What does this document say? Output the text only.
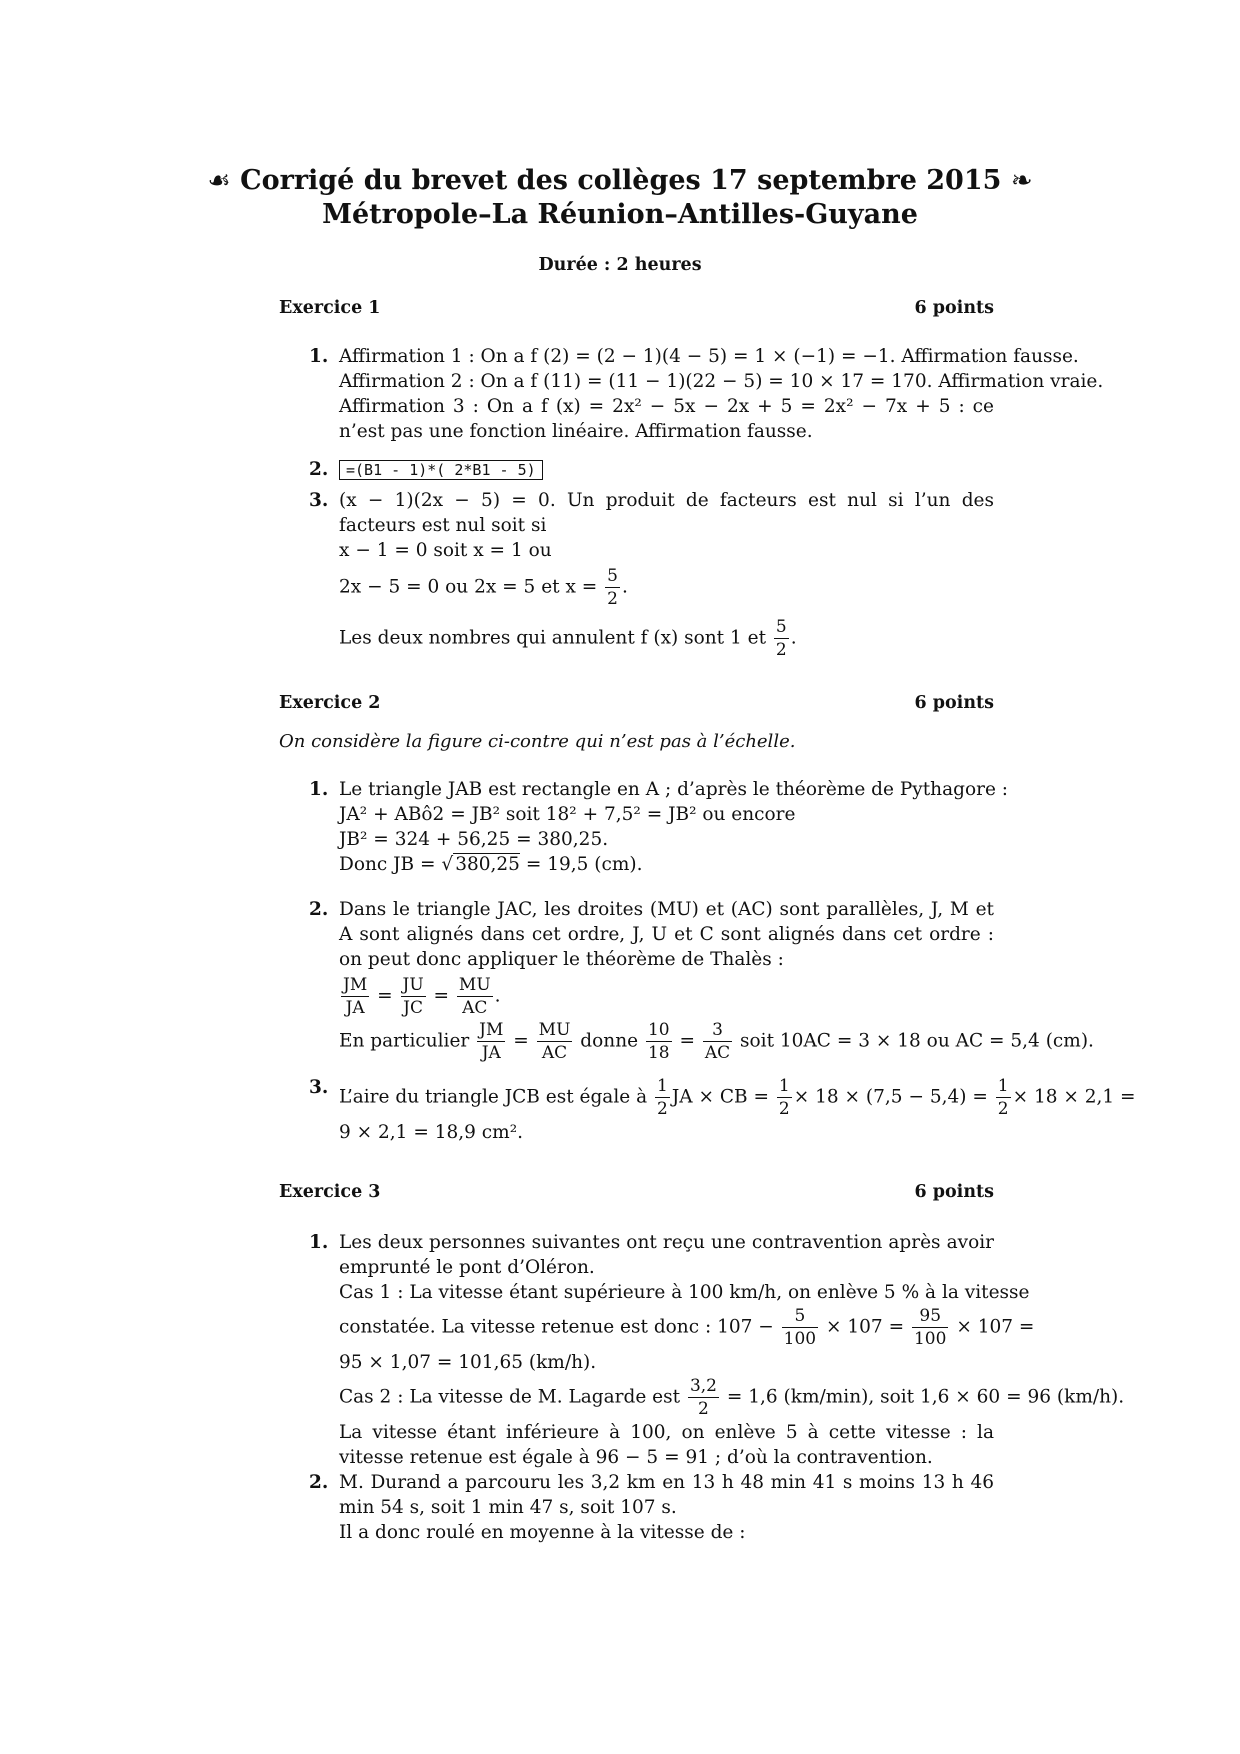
☙ Corrigé du brevet des collèges 17 septembre 2015 ❧
Métropole–La Réunion–Antilles-Guyane
Durée : 2 heures
Exercice 1	6 points
1. Affirmation 1 : On a f (2) = (2 − 1)(4 − 5) = 1 × (−1) = −1. Affirmation fausse.
Affirmation 2 : On a f (11) = (11 − 1)(22 − 5) = 10 × 17 = 170. Affirmation vraie.
Affirmation 3 : On a f (x) = 2x² − 5x − 2x + 5 = 2x² − 7x + 5 : ce n’est pas une fonction linéaire. Affirmation fausse.
2.	=(B1 - 1)*( 2*B1 - 5)
3. (x − 1)(2x − 5) = 0. Un produit de facteurs est nul si l’un des facteurs est nul soit si
x − 1 = 0 soit x = 1 ou
2x − 5 = 0 ou 2x = 5 et $x = \frac{5}{2}$ .
Les deux nombres qui annulent f (x) sont 1 et $\frac{5}{2}$ .
Exercice 2	6 points
On considère la figure ci-contre qui n’est pas à l’échelle.
1. Le triangle JAB est rectangle en A ; d’après le théorème de Pythagore :
JA² + ABô2 = JB² soit 18² + 7,5² = JB² ou encore
JB² = 324 + 56,25 = 380,25.
Donc JB = √ 380,25 = 19,5 (cm).
2. Dans le triangle JAC, les droites (MU) et (AC) sont parallèles, J, M et A sont alignés dans cet ordre, J, U et C sont alignés dans cet ordre : on peut donc appliquer le théorème de Thalès :
$\frac{JM}{JA} = \frac{JU}{JC} = \frac{MU}{AC}$ .
En particulier $\frac{JM}{JA} = \frac{MU}{AC}$ donne $\frac{10}{18} = \frac{3}{AC}$ soit 10AC = 3 × 18 ou AC = 5,4 (cm).
3. L’aire du triangle JCB est égale à $\frac{1}{2}$ JA × CB = $\frac{1}{2} \times 18 \times (7,5 - 5,4) = \frac{1}{2} \times 18 \times 2,1$ =
9 × 2,1 = 18,9 cm².
Exercice 3	6 points
1. Les deux personnes suivantes ont reçu une contravention après avoir emprunté le pont d’Oléron.
Cas 1 : La vitesse étant supérieure à 100 km/h, on enlève 5 % à la vitesse
constatée. La vitesse retenue est donc : $107 - \frac{5}{100} \times 107 = \frac{95}{100} \times 107$ =
95 × 1,07 = 101,65 (km/h).
Cas 2 : La vitesse de M. Lagarde est $\frac{3,2}{2} = 1,6$ (km/min), soit 1,6 × 60 = 96 (km/h).
La vitesse étant inférieure à 100, on enlève 5 à cette vitesse : la vitesse retenue est égale à 96 − 5 = 91 ; d’où la contravention.
2. M. Durand a parcouru les 3,2 km en 13 h 48 min 41 s moins 13 h 46 min 54 s, soit 1 min 47 s, soit 107 s.
Il a donc roulé en moyenne à la vitesse de :
